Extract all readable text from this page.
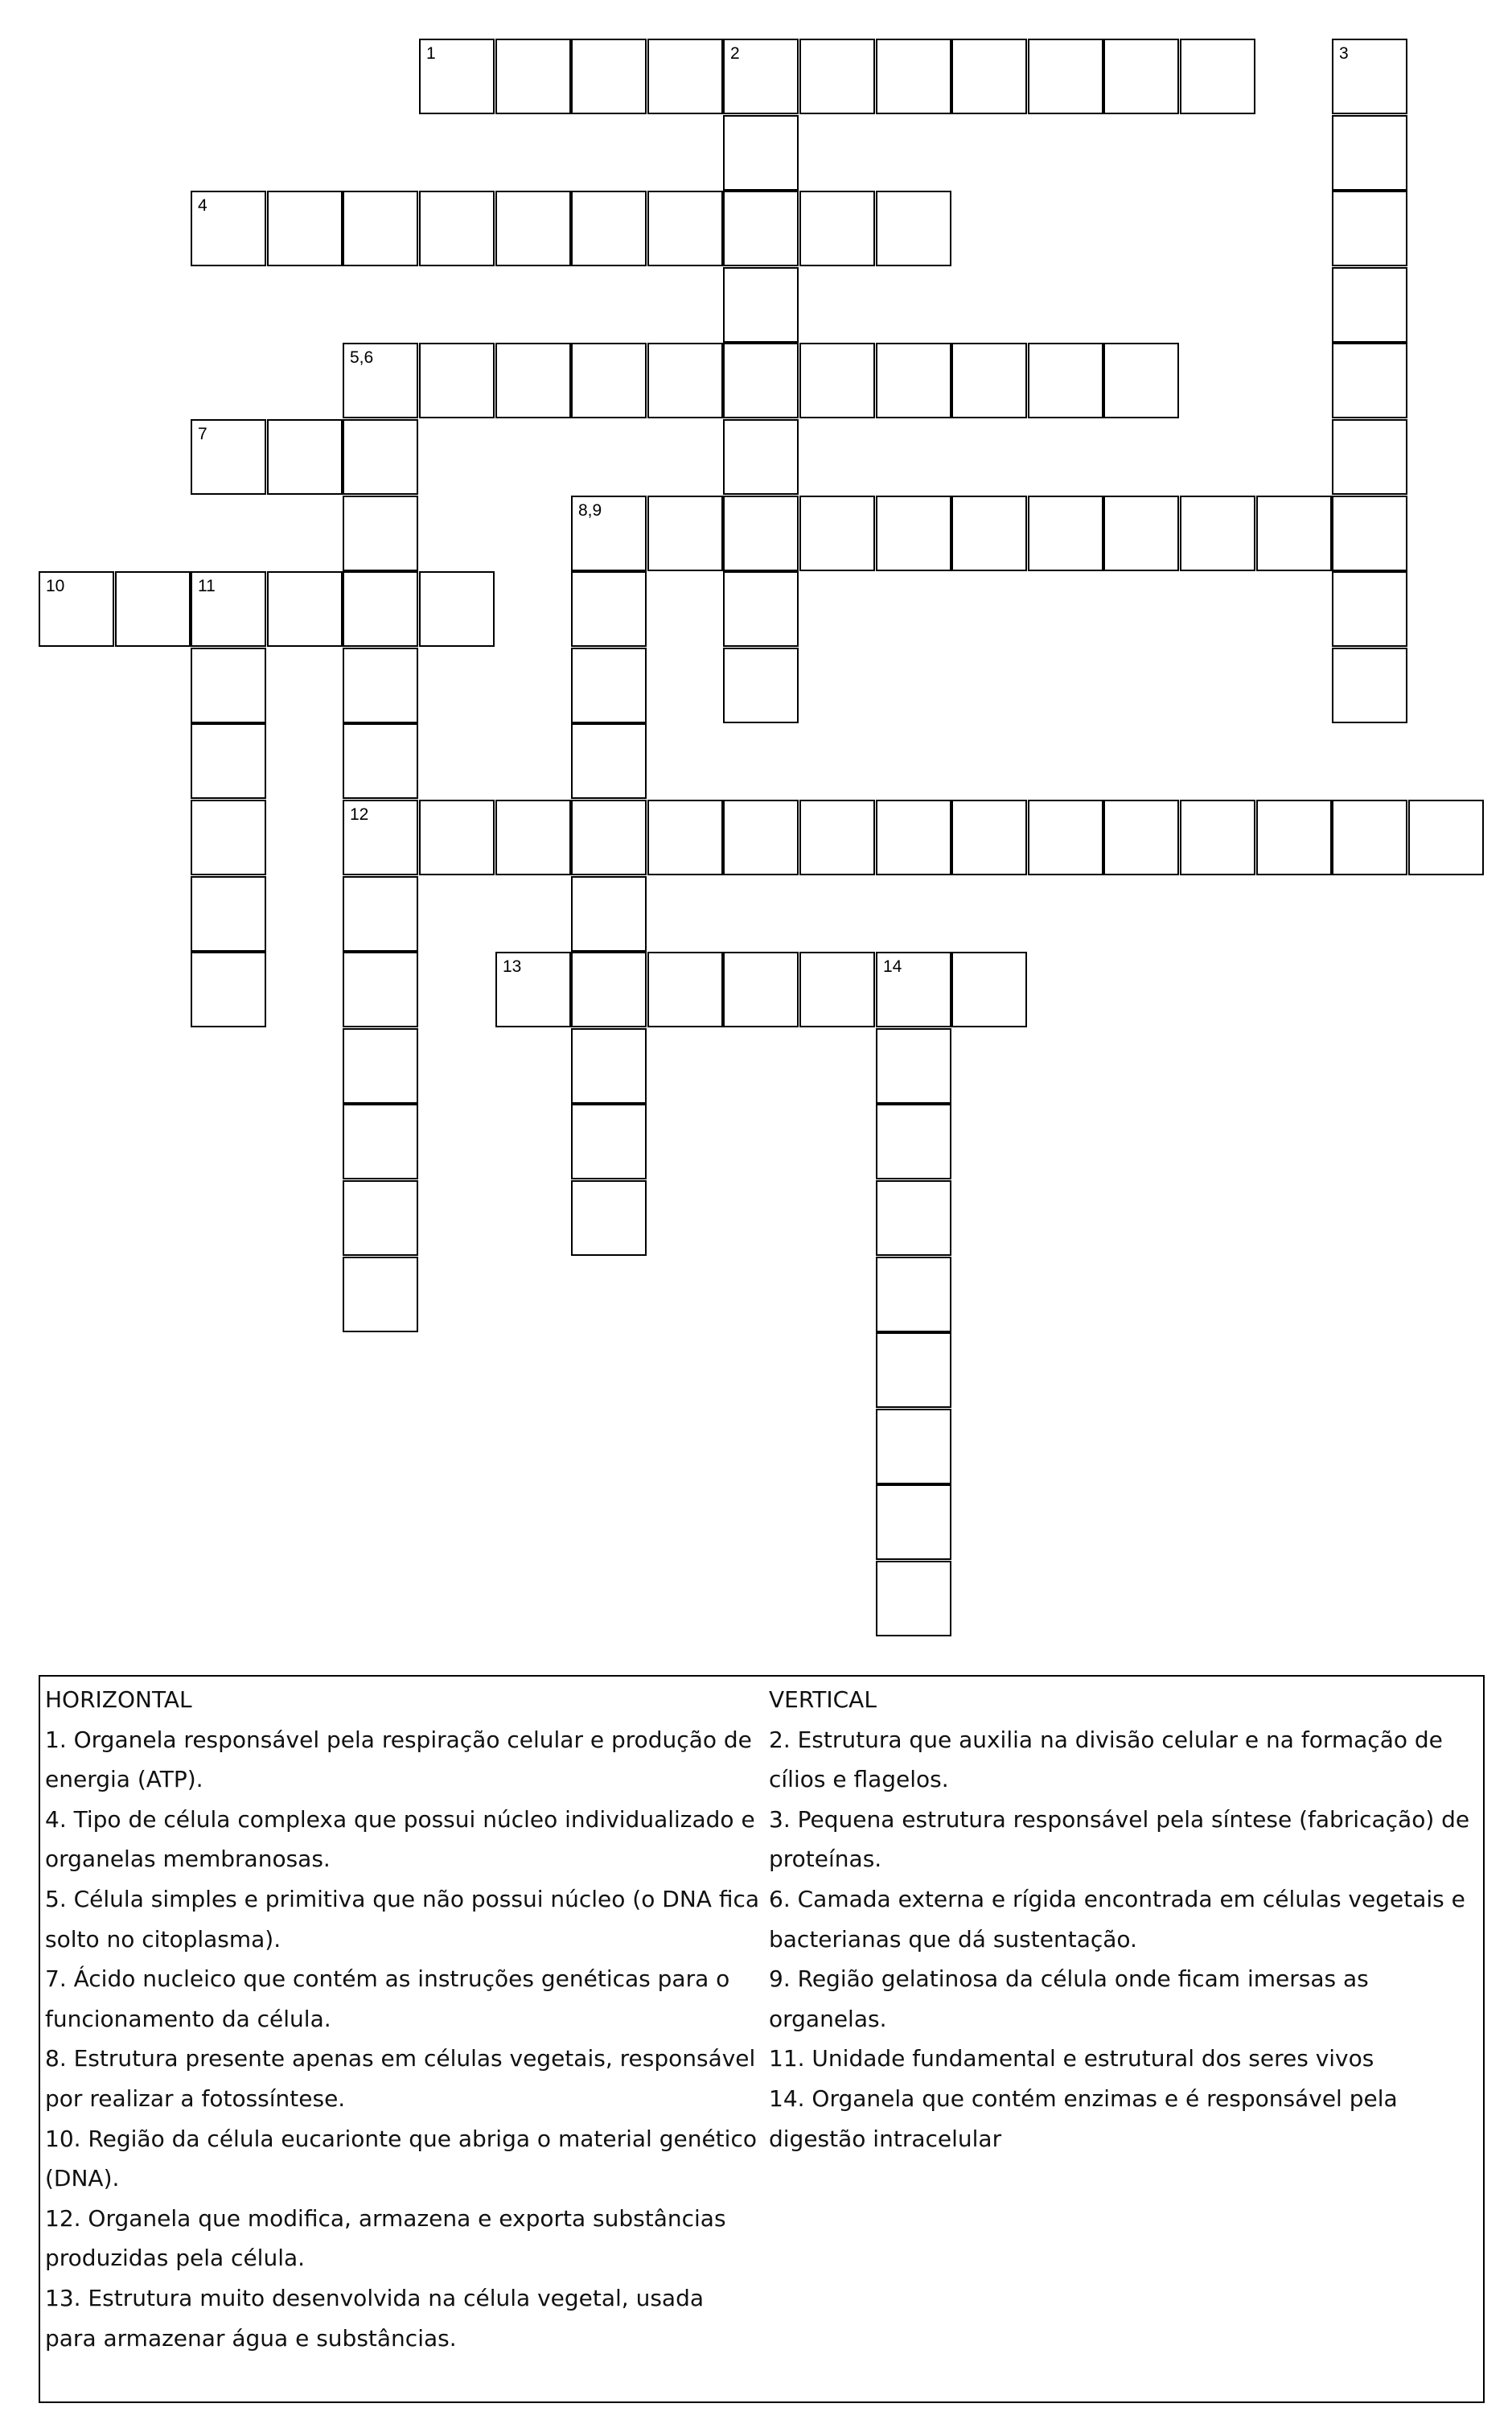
1	2	3
4
5,6
12
7
8,9
10	11
13	14
HORIZONTAL
1. Organela responsável pela respiração celular e produção de energia (ATP).
4. Tipo de célula complexa que possui núcleo individualizado e organelas membranosas.
5. Célula simples e primitiva que não possui núcleo (o DNA fica solto no citoplasma).
7. Ácido nucleico que contém as instruções genéticas para o funcionamento da célula.
8. Estrutura presente apenas em células vegetais, responsável por realizar a fotossíntese.
10. Região da célula eucarionte que abriga o material genético (DNA).
12. Organela que modifica, armazena e exporta substâncias produzidas pela célula.
13. Estrutura muito desenvolvida na célula vegetal, usada para armazenar água e substâncias.
VERTICAL
2. Estrutura que auxilia na divisão celular e na formação de cílios e flagelos.
3. Pequena estrutura responsável pela síntese (fabricação) de proteínas.
6. Camada externa e rígida encontrada em células vegetais e bacterianas que dá sustentação.
9. Região gelatinosa da célula onde ficam imersas as organelas.
11. Unidade fundamental e estrutural dos seres vivos
14. Organela que contém enzimas e é responsável pela digestão intracelular
